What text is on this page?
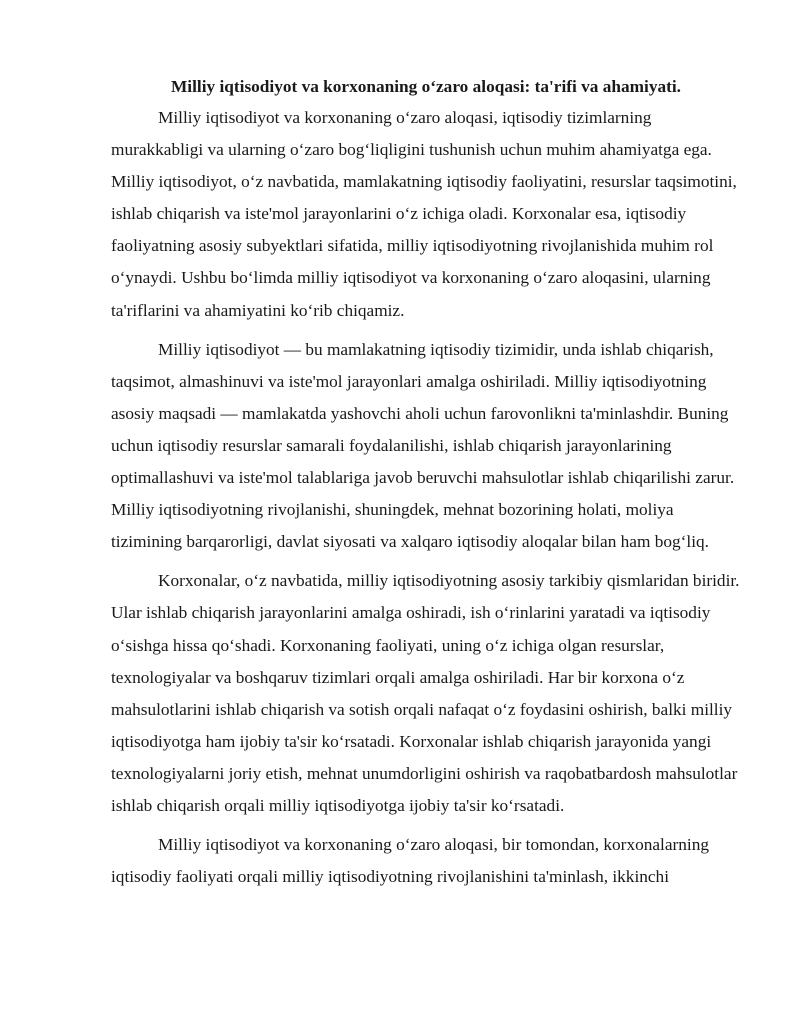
Milliy iqtisodiyot va korxonaning o‘zaro aloqasi: ta'rifi va ahamiyati.

Milliy iqtisodiyot va korxonaning o‘zaro aloqasi, iqtisodiy tizimlarning murakkabligi va ularning o‘zaro bog‘liqligini tushunish uchun muhim ahamiyatga ega. Milliy iqtisodiyot, o‘z navbatida, mamlakatning iqtisodiy faoliyatini, resurslar taqsimotini, ishlab chiqarish va iste'mol jarayonlarini o‘z ichiga oladi. Korxonalar esa, iqtisodiy faoliyatning asosiy subyektlari sifatida, milliy iqtisodiyotning rivojlanishida muhim rol o‘ynaydi. Ushbu bo‘limda milliy iqtisodiyot va korxonaning o‘zaro aloqasini, ularning ta'riflarini va ahamiyatini ko‘rib chiqamiz.

Milliy iqtisodiyot — bu mamlakatning iqtisodiy tizimidir, unda ishlab chiqarish, taqsimot, almashinuvi va iste'mol jarayonlari amalga oshiriladi. Milliy iqtisodiyotning asosiy maqsadi — mamlakatda yashovchi aholi uchun farovonlikni ta'minlashdir. Buning uchun iqtisodiy resurslar samarali foydalanilishi, ishlab chiqarish jarayonlarining optimallashuvi va iste'mol talablariga javob beruvchi mahsulotlar ishlab chiqarilishi zarur. Milliy iqtisodiyotning rivojlanishi, shuningdek, mehnat bozorining holati, moliya tizimining barqarorligi, davlat siyosati va xalqaro iqtisodiy aloqalar bilan ham bog‘liq.

Korxonalar, o‘z navbatida, milliy iqtisodiyotning asosiy tarkibiy qismlaridan biridir. Ular ishlab chiqarish jarayonlarini amalga oshiradi, ish o‘rinlarini yaratadi va iqtisodiy o‘sishga hissa qo‘shadi. Korxonaning faoliyati, uning o‘z ichiga olgan resurslar, texnologiyalar va boshqaruv tizimlari orqali amalga oshiriladi. Har bir korxona o‘z mahsulotlarini ishlab chiqarish va sotish orqali nafaqat o‘z foydasini oshirish, balki milliy iqtisodiyotga ham ijobiy ta'sir ko‘rsatadi. Korxonalar ishlab chiqarish jarayonida yangi texnologiyalarni joriy etish, mehnat unumdorligini oshirish va raqobatbardosh mahsulotlar ishlab chiqarish orqali milliy iqtisodiyotga ijobiy ta'sir ko‘rsatadi.

Milliy iqtisodiyot va korxonaning o‘zaro aloqasi, bir tomondan, korxonalarning iqtisodiy faoliyati orqali milliy iqtisodiyotning rivojlanishini ta'minlash, ikkinchi
